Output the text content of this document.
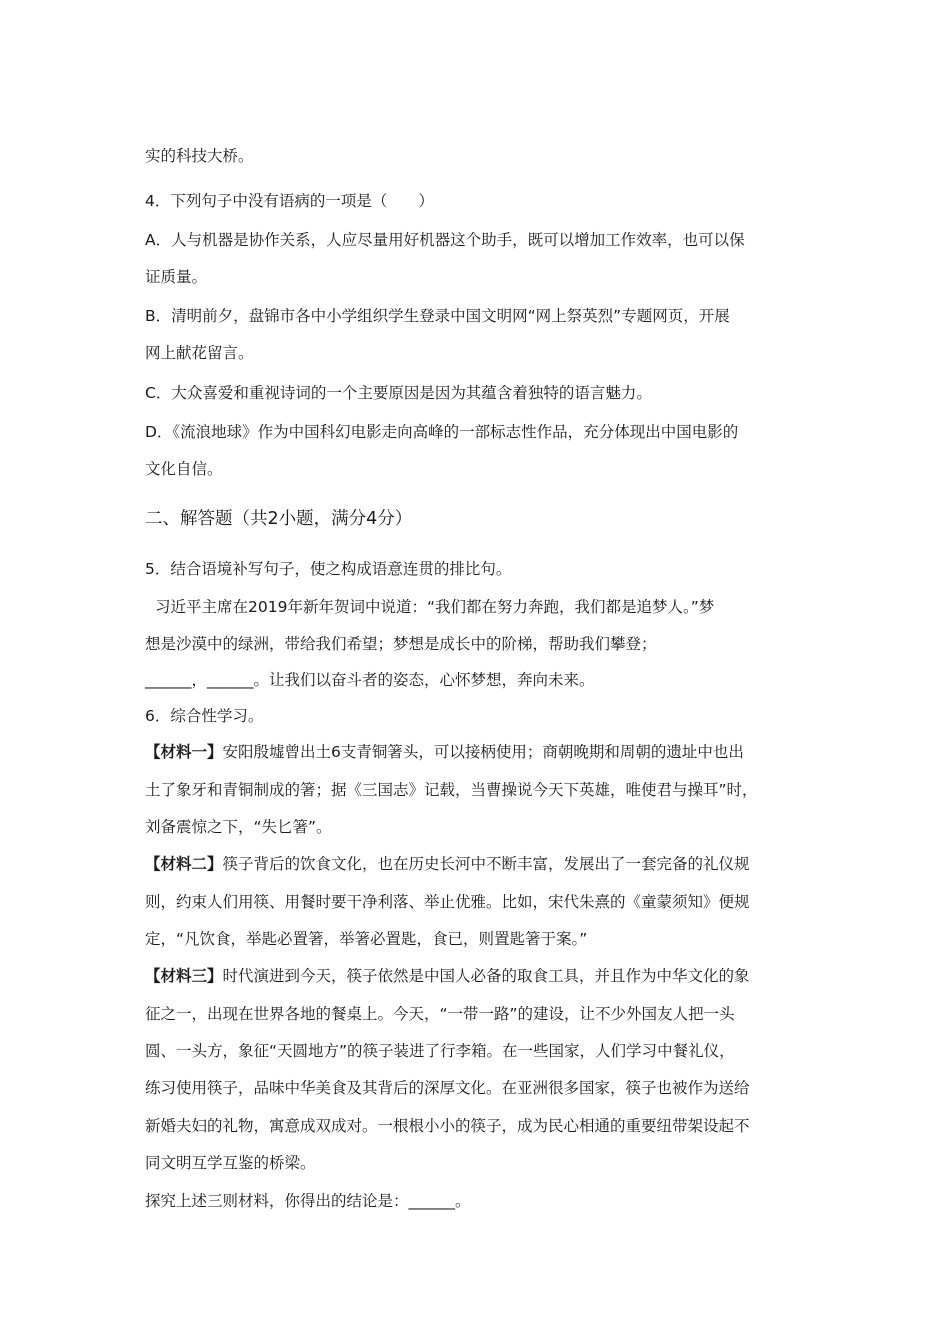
实的科技大桥。
4．下列句子中没有语病的一项是（　　）
A．人与机器是协作关系，人应尽量用好机器这个助手，既可以增加工作效率，也可以保
证质量。
B．清明前夕，盘锦市各中小学组织学生登录中国文明网“网上祭英烈”专题网页，开展
网上献花留言。
C．大众喜爱和重视诗词的一个主要原因是因为其蕴含着独特的语言魅力。
D．《流浪地球》作为中国科幻电影走向高峰的一部标志性作品，充分体现出中国电影的
文化自信。
二、解答题（共2小题，满分4分）
5．结合语境补写句子，使之构成语意连贯的排比句。
习近平主席在2019年新年贺词中说道：“我们都在努力奔跑，我们都是追梦人。”梦
想是沙漠中的绿洲，带给我们希望；梦想是成长中的阶梯，帮助我们攀登；
______，______。让我们以奋斗者的姿态，心怀梦想，奔向未来。
6．综合性学习。
【材料一】安阳殷墟曾出土6支青铜箸头，可以接柄使用；商朝晚期和周朝的遗址中也出
土了象牙和青铜制成的箸；据《三国志》记载，当曹操说今天下英雄，唯使君与操耳”时，
刘备震惊之下，“失匕箸”。
【材料二】筷子背后的饮食文化，也在历史长河中不断丰富，发展出了一套完备的礼仪规
则，约束人们用筷、用餐时要干净利落、举止优雅。比如，宋代朱熹的《童蒙须知》便规
定，“凡饮食，举匙必置箸，举箸必置匙，食已，则置匙箸于案。”
【材料三】时代演进到今天，筷子依然是中国人必备的取食工具，并且作为中华文化的象
征之一，出现在世界各地的餐桌上。今天，“一带一路”的建设，让不少外国友人把一头
圆、一头方，象征“天圆地方”的筷子装进了行李箱。在一些国家，人们学习中餐礼仪，
练习使用筷子，品味中华美食及其背后的深厚文化。在亚洲很多国家，筷子也被作为送给
新婚夫妇的礼物，寓意成双成对。一根根小小的筷子，成为民心相通的重要纽带架设起不
同文明互学互鉴的桥梁。
探究上述三则材料，你得出的结论是：______。
